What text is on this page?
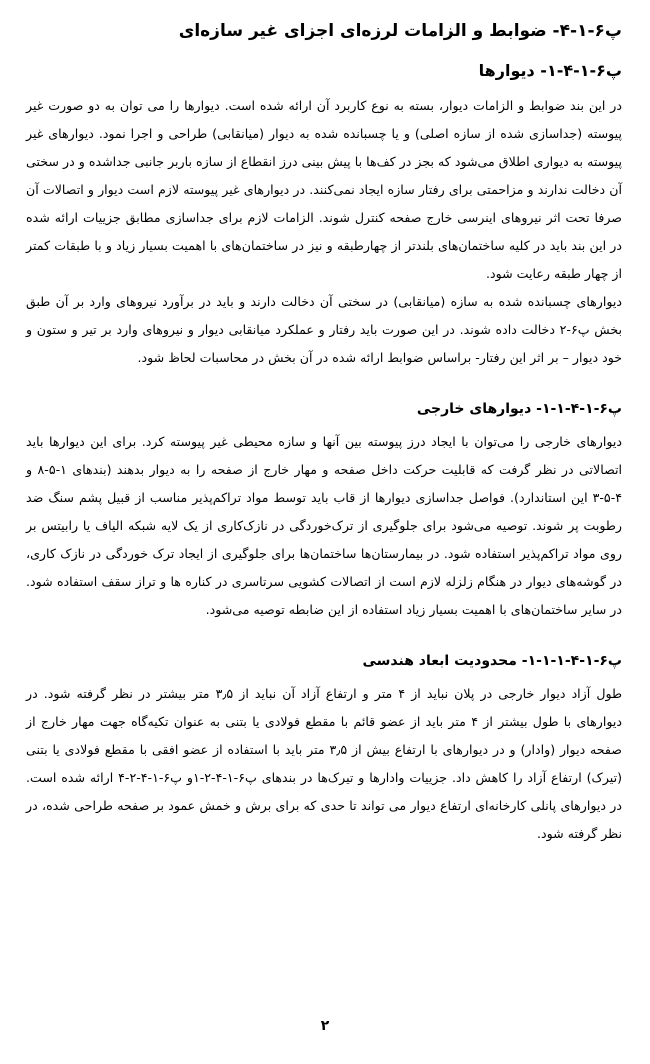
پ۶-۱-۴- ضوابط و الزامات لرزه‌ای اجزای غیر سازه‌ای
پ۶-۱-۴-۱- دیوارها

در این بند ضوابط و الزامات دیوار، بسته به نوع کاربرد آن ارائه شده است. دیوارها را می توان به دو صورت غیر پیوسته (جداسازی شده از سازه اصلی) و یا چسبانده شده به دیوار (میانقابی) طراحی و اجرا نمود. دیوارهای غیر پیوسته به دیواری اطلاق می‌شود که بجز در کف‌ها با پیش بینی درز انقطاع از سازه باربر جانبی جداشده و در سختی آن دخالت ندارند و مزاحمتی برای رفتار سازه ایجاد نمی‌کنند. در دیوارهای غیر پیوسته لازم است دیوار و اتصالات آن صرفا تحت اثر نیروهای اینرسی خارج صفحه کنترل شوند. الزامات لازم برای جداسازی مطابق جزییات ارائه شده در این بند باید در کلیه ساختمان‌های بلندتر از چهارطبقه و نیز در ساختمان‌های با اهمیت بسیار زیاد و با طبقات کمتر از چهار طبقه رعایت شود.

دیوارهای چسبانده شده به سازه (میانقابی) در سختی آن دخالت دارند و باید در برآورد نیروهای وارد بر آن طبق بخش پ۶-۲ دخالت داده شوند. در این صورت باید رفتار و عملکرد میانقابی دیوار و نیروهای وارد بر تیر و ستون و خود دیوار – بر اثر این رفتار- براساس ضوابط ارائه شده در آن بخش در محاسبات لحاظ شود.

پ۶-۱-۴-۱-۱- دیوارهای خارجی

دیوارهای خارجی را می‌توان با ایجاد درز پیوسته بین آنها و سازه محیطی غیر پیوسته کرد. برای این دیوارها باید اتصالاتی در نظر گرفت که قابلیت حرکت داخل صفحه و مهار خارج از صفحه را به دیوار بدهند (بندهای ۱-۵-۸ و ۴-۵-۳ این استاندارد). فواصل جداسازی دیوارها از قاب باید توسط مواد تراکم‌پذیر مناسب از قبیل پشم سنگ ضد رطوبت پر شوند. توصیه می‌شود برای جلوگیری از ترک‌خوردگی در نازک‌کاری از یک لایه شبکه الیاف یا رابیتس بر روی مواد تراکم‌پذیر استفاده شود. در بیمارستان‌ها ساختمان‌ها برای جلوگیری از ایجاد ترک خوردگی در نازک کاری، در گوشه‌های دیوار در هنگام زلزله لازم است از اتصالات کشویی سرتاسری در کناره ها و تراز سقف استفاده شود. در سایر ساختمان‌های با اهمیت بسیار زیاد استفاده از این ضابطه توصیه می‌شود.

پ۶-۱-۴-۱-۱-۱- محدودیت ابعاد هندسی

طول آزاد دیوار خارجی در پلان نباید از ۴ متر و ارتفاع آزاد آن نباید از ۳٫۵ متر بیشتر در نظر گرفته شود. در دیوارهای با طول بیشتر از ۴ متر باید از عضو قائم با مقطع فولادی یا بتنی به عنوان تکیه‌گاه جهت مهار خارج از صفحه دیوار (وادار) و در دیوارهای با ارتفاع بیش از ۳٫۵ متر باید با استفاده از عضو افقی با مقطع فولادی یا بتنی (تیرک) ارتفاع آزاد را کاهش داد. جزییات وادارها و تیرک‌ها در بندهای پ۶-۱-۴-۲-۱و پ۶-۱-۴-۲-۴ ارائه شده است. در دیوارهای پانلی کارخانه‌ای ارتفاع دیوار می تواند تا حدی که برای برش و خمش عمود بر صفحه طراحی شده، در نظر گرفته شود.

۲
